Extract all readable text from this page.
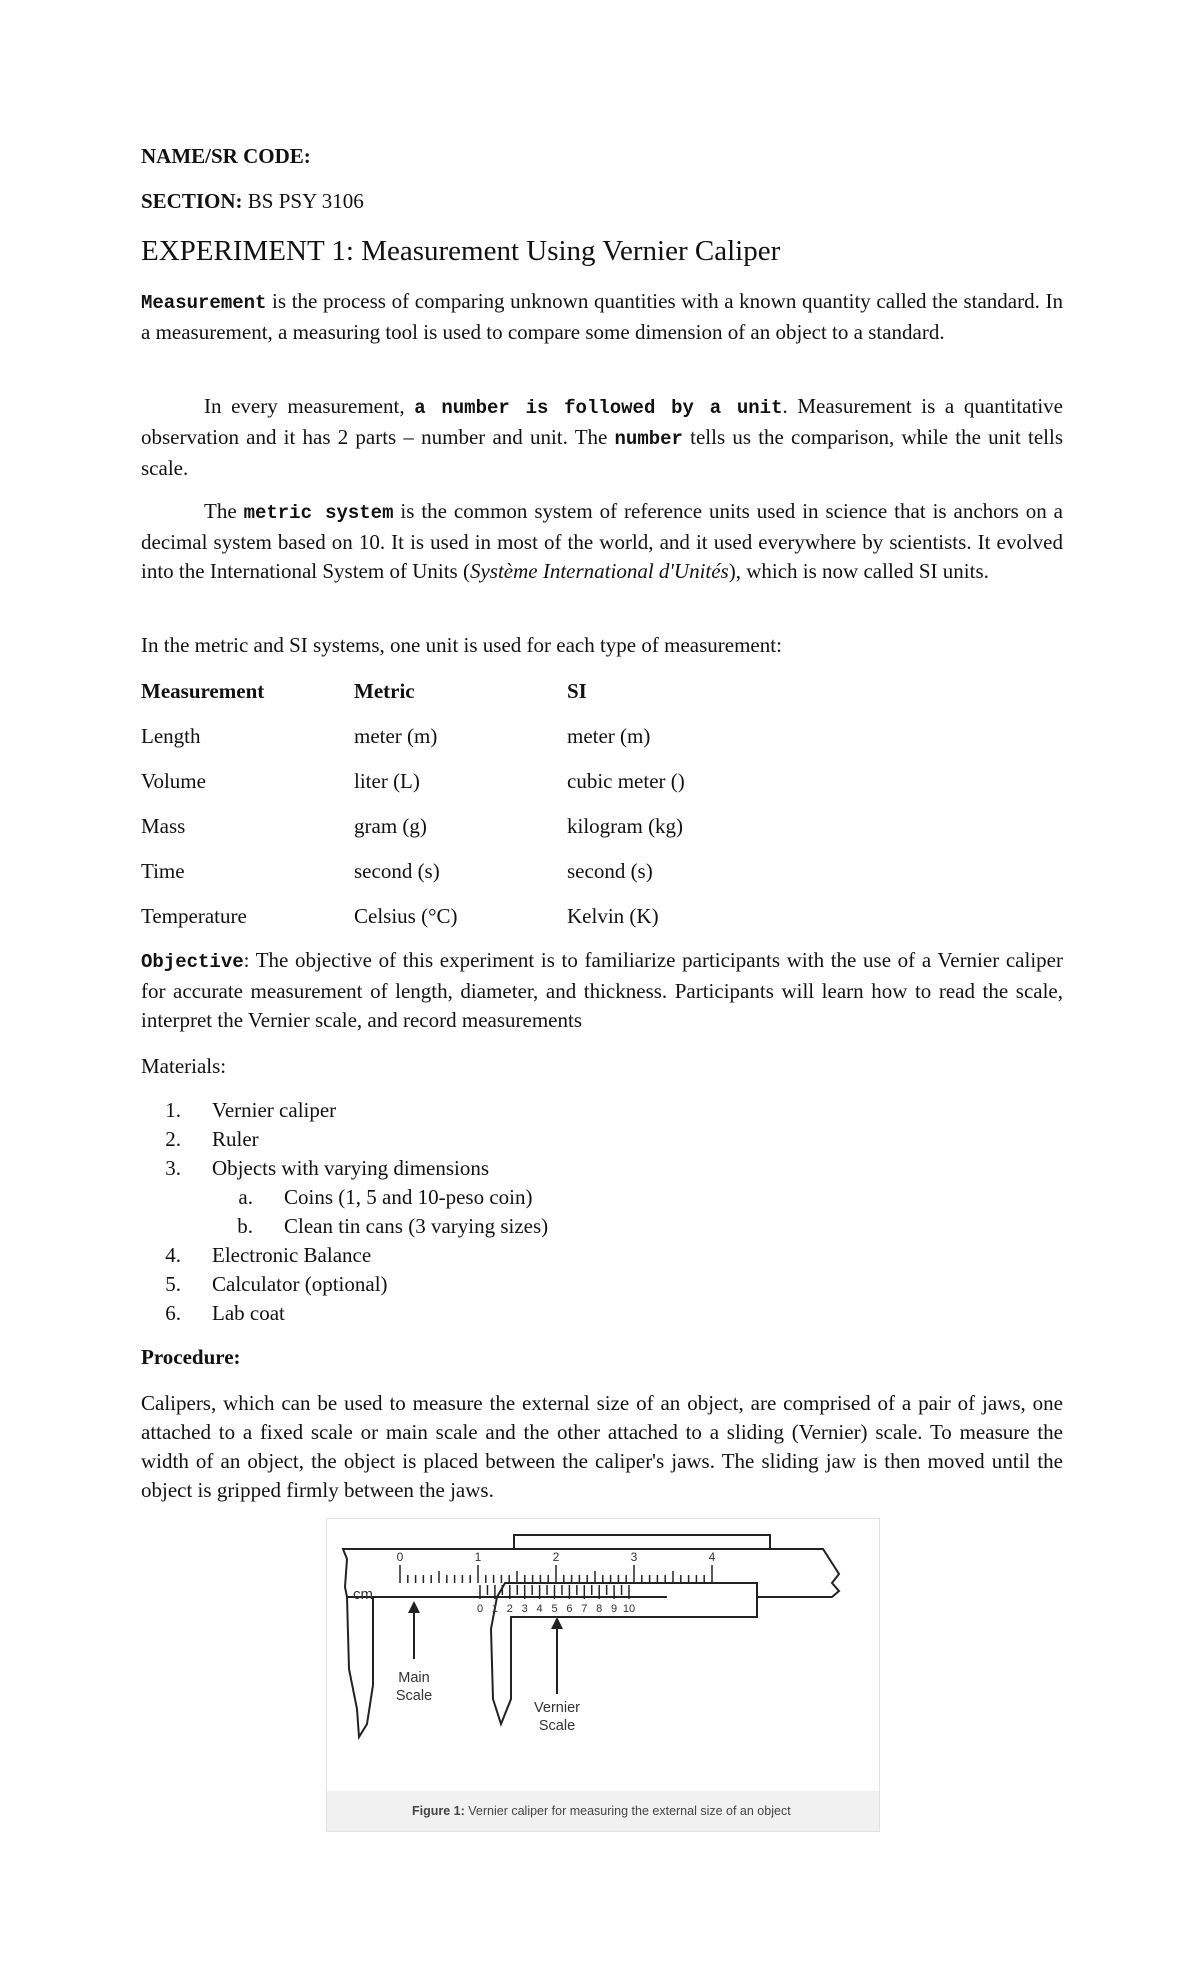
NAME/SR CODE:

SECTION: BS PSY 3106

EXPERIMENT 1: Measurement Using Vernier Caliper

Measurement is the process of comparing unknown quantities with a known quantity called the standard. In a measurement, a measuring tool is used to compare some dimension of an object to a standard.

In every measurement, a number is followed by a unit. Measurement is a quantitative observation and it has 2 parts – number and unit. The number tells us the comparison, while the unit tells scale.

The metric system is the common system of reference units used in science that is anchors on a decimal system based on 10. It is used in most of the world, and it used everywhere by scientists. It evolved into the International System of Units (Système International d'Unités), which is now called SI units.

In the metric and SI systems, one unit is used for each type of measurement:

Measurement	Metric	SI
Length	meter (m)	meter (m)
Volume	liter (L)	cubic meter ()
Mass	gram (g)	kilogram (kg)
Time	second (s)	second (s)
Temperature	Celsius (°C)	Kelvin (K)

Objective: The objective of this experiment is to familiarize participants with the use of a Vernier caliper for accurate measurement of length, diameter, and thickness. Participants will learn how to read the scale, interpret the Vernier scale, and record measurements

Materials:

1. Vernier caliper
2. Ruler
3. Objects with varying dimensions
a. Coins (1, 5 and 10-peso coin)
b. Clean tin cans (3 varying sizes)
4. Electronic Balance
5. Calculator (optional)
6. Lab coat

Procedure:

Calipers, which can be used to measure the external size of an object, are comprised of a pair of jaws, one attached to a fixed scale or main scale and the other attached to a sliding (Vernier) scale. To measure the width of an object, the object is placed between the caliper's jaws. The sliding jaw is then moved until the object is gripped firmly between the jaws.

cm
0	1	2	3	4
0 1 2 3 4 5 6 7 8 9 10
Main
Scale
Vernier
Scale
Figure 1: Vernier caliper for measuring the external size of an object
